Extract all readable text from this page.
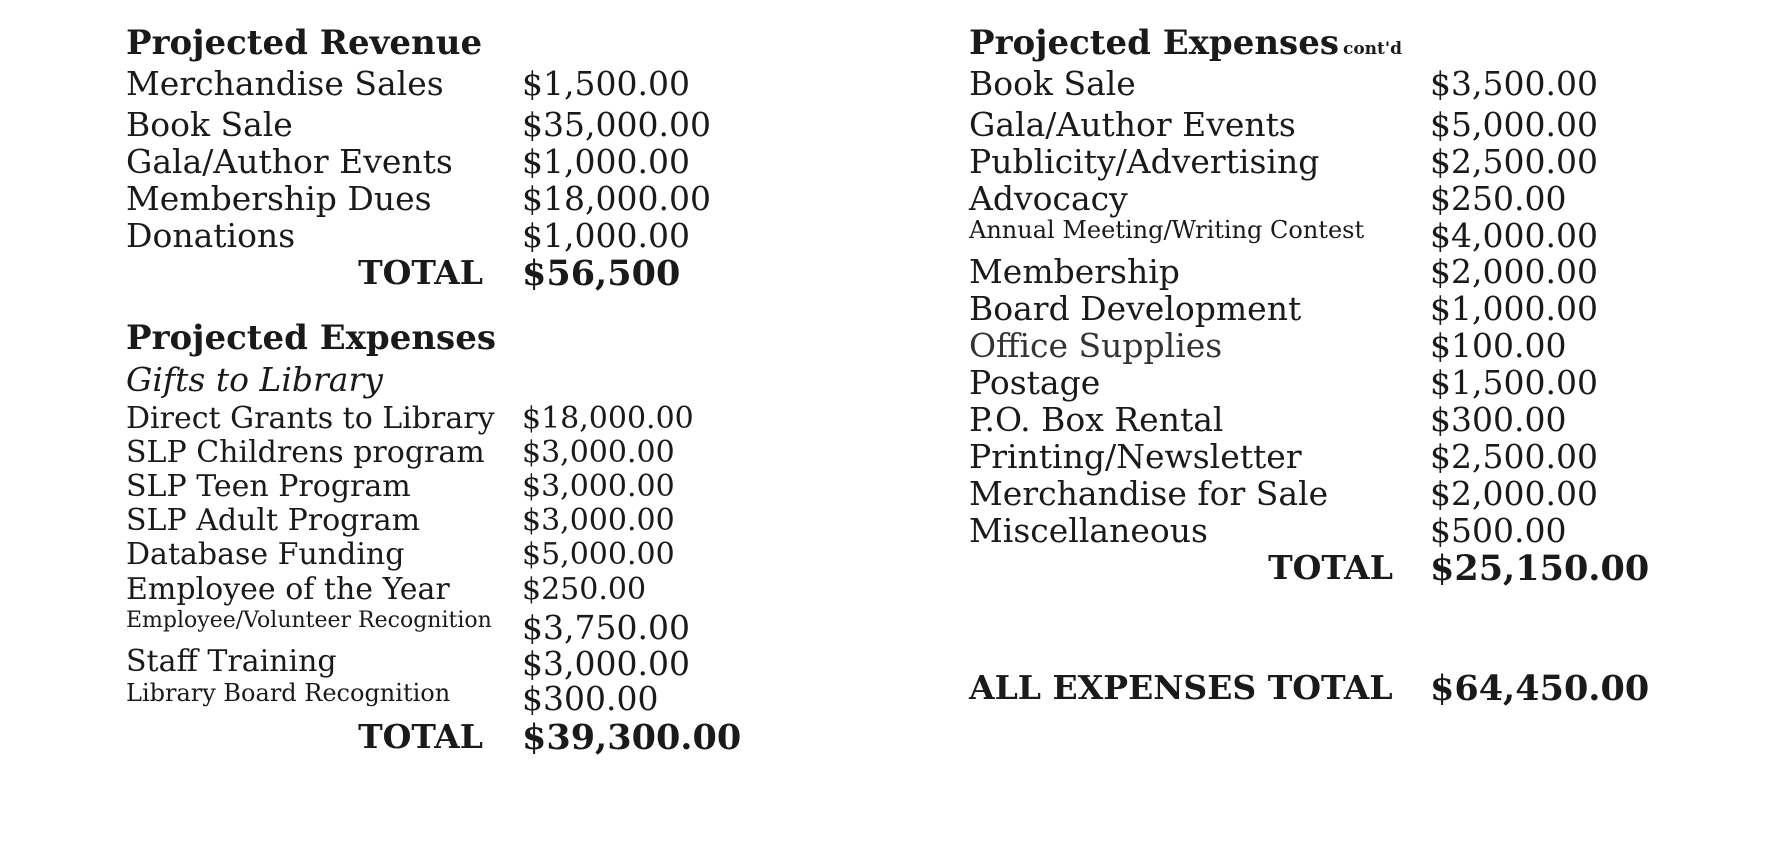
Projected Revenue
Merchandise Sales $1,500.00
Book Sale	$35,000.00
Gala/Author Events $1,000.00
Membership Dues	$18,000.00
Donations	$1,000.00
TOTAL $56,500
Projected Expenses
Gifts to Library
Direct Grants to Library $18,000.00
SLP Childrens program $3,000.00
SLP Teen Program	$3,000.00
SLP Adult Program	$3,000.00
Database Funding	$5,000.00
Employee of the Year $250.00
Employee/Volunteer Recognition $3,750.00
Staff Training	$3,000.00
Library Board Recognition $300.00
TOTAL $39,300.00
Projected Expenses cont'd
Book Sale	$3,500.00
Gala/Author Events	$5,000.00
Publicity/Advertising	$2,500.00
Advocacy	$250.00
Annual Meeting/Writing Contest $4,000.00
Membership	$2,000.00
Board Development	$1,000.00
Office Supplies	$100.00
Postage	$1,500.00
P.O. Box Rental	$300.00
Printing/Newsletter	$2,500.00
Merchandise for Sale	$2,000.00
Miscellaneous	$500.00
TOTAL $25,150.00
ALL EXPENSES TOTAL $64,450.00
